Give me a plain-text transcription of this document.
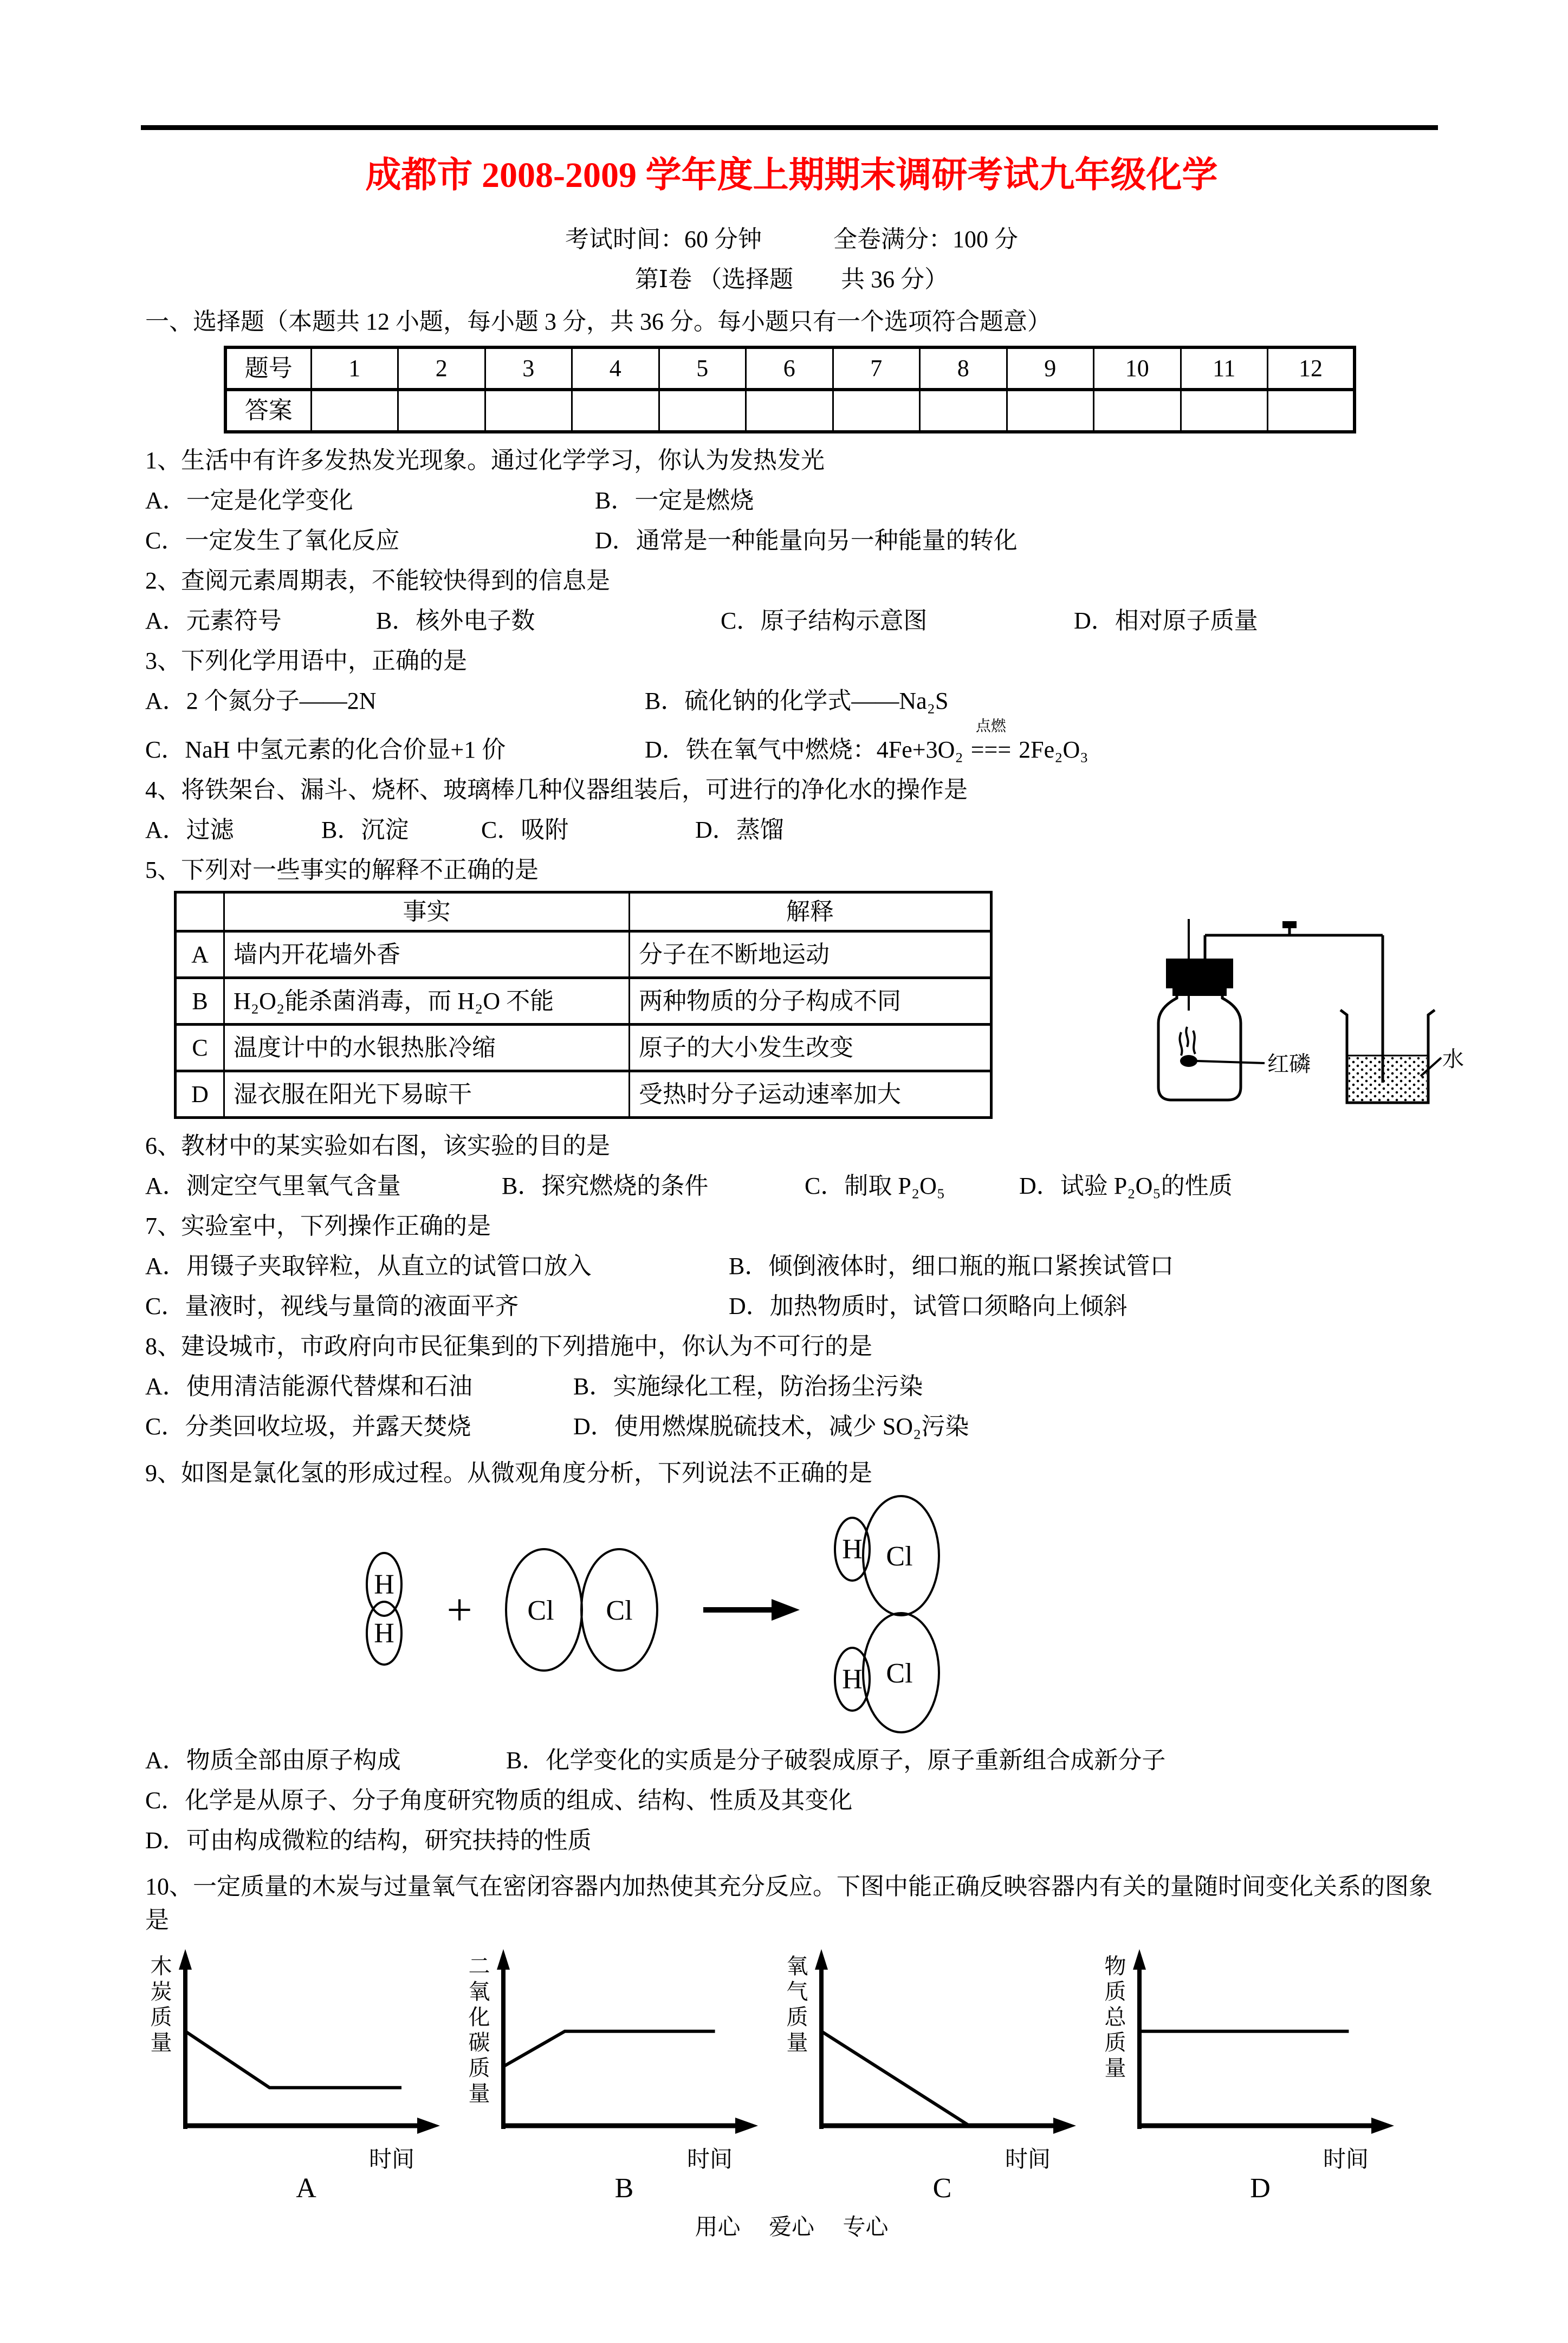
成都市 2008-2009 学年度上期期末调研考试九年级化学
考试时间：60 分钟　　　全卷满分：100 分
第Ⅰ卷 （选择题　　共 36 分）
一、选择题（本题共 12 小题，每小题 3 分，共 36 分。每小题只有一个选项符合题意）
题号	1	2	3	4	5	6	7	8	9	10	11	12
答案												

1、生活中有许多发热发光现象。通过化学学习，你认为发热发光

A．一定是化学变化	B．一定是燃烧
C．一定发生了氧化反应	D．通常是一种能量向另一种能量的转化

2、查阅元素周期表，不能较快得到的信息是

A．元素符号	B．核外电子数	C．原子结构示意图	D．相对原子质量

3、下列化学用语中，正确的是

A．2 个氮分子——2N	B．硫化钠的化学式——Na₂S
C．NaH 中氢元素的化合价显+1 价	D．铁在氧气中燃烧：4Fe+3O₂
点燃
=== 2Fe₂O₃

4、将铁架台、漏斗、烧杯、玻璃棒几种仪器组装后，可进行的净化水的操作是

A．过滤	B．沉淀	C．吸附	D．蒸馏

5、下列对一些事实的解释不正确的是

	事实	解释
A	墙内开花墙外香	分子在不断地运动
B	H₂O₂能杀菌消毒，而 H₂O 不能	两种物质的分子构成不同
C	温度计中的水银热胀冷缩	原子的大小发生改变
D	湿衣服在阳光下易晾干	受热时分子运动速率加大
红磷	水

6、教材中的某实验如右图，该实验的目的是

A．测定空气里氧气含量	B．探究燃烧的条件	C．制取 P₂O₅	D．试验 P₂O₅的性质

7、实验室中，下列操作正确的是

A．用镊子夹取锌粒，从直立的试管口放入	B．倾倒液体时，细口瓶的瓶口紧挨试管口
C．量液时，视线与量筒的液面平齐	D．加热物质时，试管口须略向上倾斜

8、建设城市，市政府向市民征集到的下列措施中，你认为不可行的是

A．使用清洁能源代替煤和石油	B．实施绿化工程，防治扬尘污染
C．分类回收垃圾，并露天焚烧	D．使用燃煤脱硫技术，减少 SO₂污染

9、如图是氯化氢的形成过程。从微观角度分析，下列说法不正确的是

H
H + Cl Cl
H Cl
H Cl
A．物质全部由原子构成	B．化学变化的实质是分子破裂成原子，原子重新组合成新分子
C．化学是从原子、分子角度研究物质的组成、结构、性质及其变化
D．可由构成微粒的结构，研究扶持的性质

10、一定质量的木炭与过量氧气在密闭容器内加热使其充分反应。下图中能正确反映容器内有关的量随时间变化关系的图象是

木炭质量
时间
A
二氧化碳质量
时间
B
氧气质量
时间
C
物质总质量
时间
D
用心　 爱心　 专心
